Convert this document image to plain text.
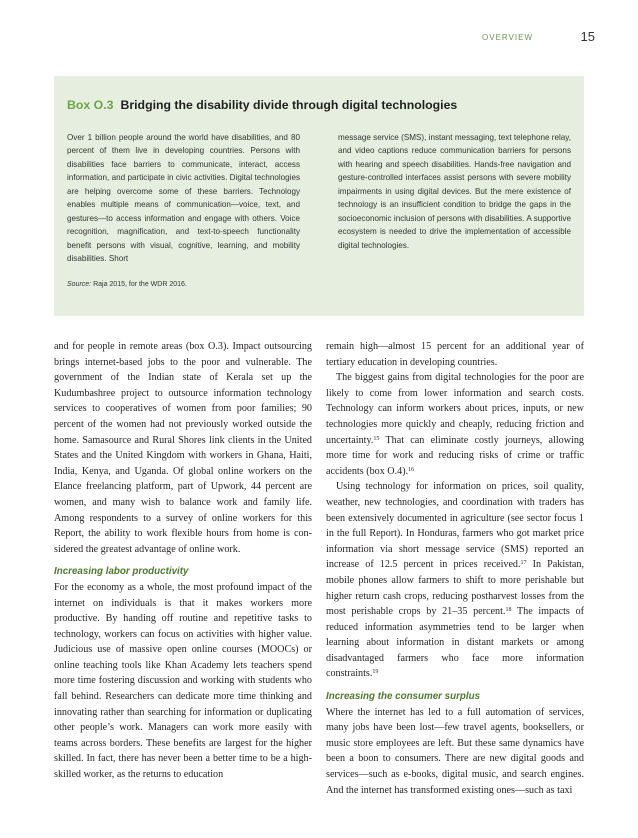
OVERVIEW	15
Box O.3 Bridging the disability divide through digital technologies

Over 1 billion people around the world have disabilities, and 80 percent of them live in developing countries. Persons with disabilities face barriers to communicate, interact, access information, and participate in civic activities. Digital technologies are helping overcome some of these barriers. Technology enables multiple means of communication—voice, text, and gestures—to access information and engage with others. Voice recognition, magnification, and text-to-speech functionality benefit persons with visual, cognitive, learning, and mobility disabilities. Short

message service (SMS), instant messaging, text telephone relay, and video captions reduce communication barriers for persons with hearing and speech disabilities. Hands-free navigation and gesture-controlled interfaces assist persons with severe mobility impairments in using digital devices. But the mere existence of technology is an insufficient condition to bridge the gaps in the socioeconomic inclusion of persons with disabilities. A supportive ecosystem is needed to drive the implementation of accessible digital technologies.

Source: Raja 2015, for the WDR 2016.

and for people in remote areas (box O.3). Impact outsourcing brings internet-based jobs to the poor and vulnerable. The government of the Indian state of Kerala set up the Kudumbashree project to outsource information technology services to cooperatives of women from poor families; 90 percent of the women had not previously worked outside the home. Samasource and Rural Shores link clients in the United States and the United Kingdom with workers in Ghana, Haiti, India, Kenya, and Uganda. Of global online workers on the Elance freelancing platform, part of Upwork, 44 percent are women, and many wish to balance work and family life. Among respondents to a survey of online workers for this Report, the ability to work flexible hours from home is considered the greatest advantage of online work.

Increasing labor productivity

For the economy as a whole, the most profound impact of the internet on individuals is that it makes workers more productive. By handing off routine and repetitive tasks to technology, workers can focus on activities with higher value. Judicious use of massive open online courses (MOOCs) or online teaching tools like Khan Academy lets teachers spend more time fostering discussion and working with students who fall behind. Researchers can dedicate more time thinking and innovating rather than searching for information or duplicating other people’s work. Managers can work more easily with teams across borders. These benefits are largest for the higher skilled. In fact, there has never been a better time to be a high-skilled worker, as the returns to education

remain high—almost 15 percent for an additional year of tertiary education in developing countries.

The biggest gains from digital technologies for the poor are likely to come from lower information and search costs. Technology can inform workers about prices, inputs, or new technologies more quickly and cheaply, reducing friction and uncertainty.$^{15}$ That can eliminate costly journeys, allowing more time for work and reducing risks of crime or traffic accidents (box O.4).$^{16}$

Using technology for information on prices, soil quality, weather, new technologies, and coordination with traders has been extensively documented in agriculture (see sector focus 1 in the full Report). In Honduras, farmers who got market price information via short message service (SMS) reported an increase of 12.5 percent in prices received.$^{17}$ In Pakistan, mobile phones allow farmers to shift to more perishable but higher return cash crops, reducing postharvest losses from the most perishable crops by 21–35 percent.$^{18}$ The impacts of reduced information asymmetries tend to be larger when learning about information in distant markets or among disadvantaged farmers who face more information constraints.$^{19}$

Increasing the consumer surplus

Where the internet has led to a full automation of services, many jobs have been lost—few travel agents, booksellers, or music store employees are left. But these same dynamics have been a boon to consumers. There are new digital goods and services—such as e-books, digital music, and search engines. And the internet has transformed existing ones—such as taxi
